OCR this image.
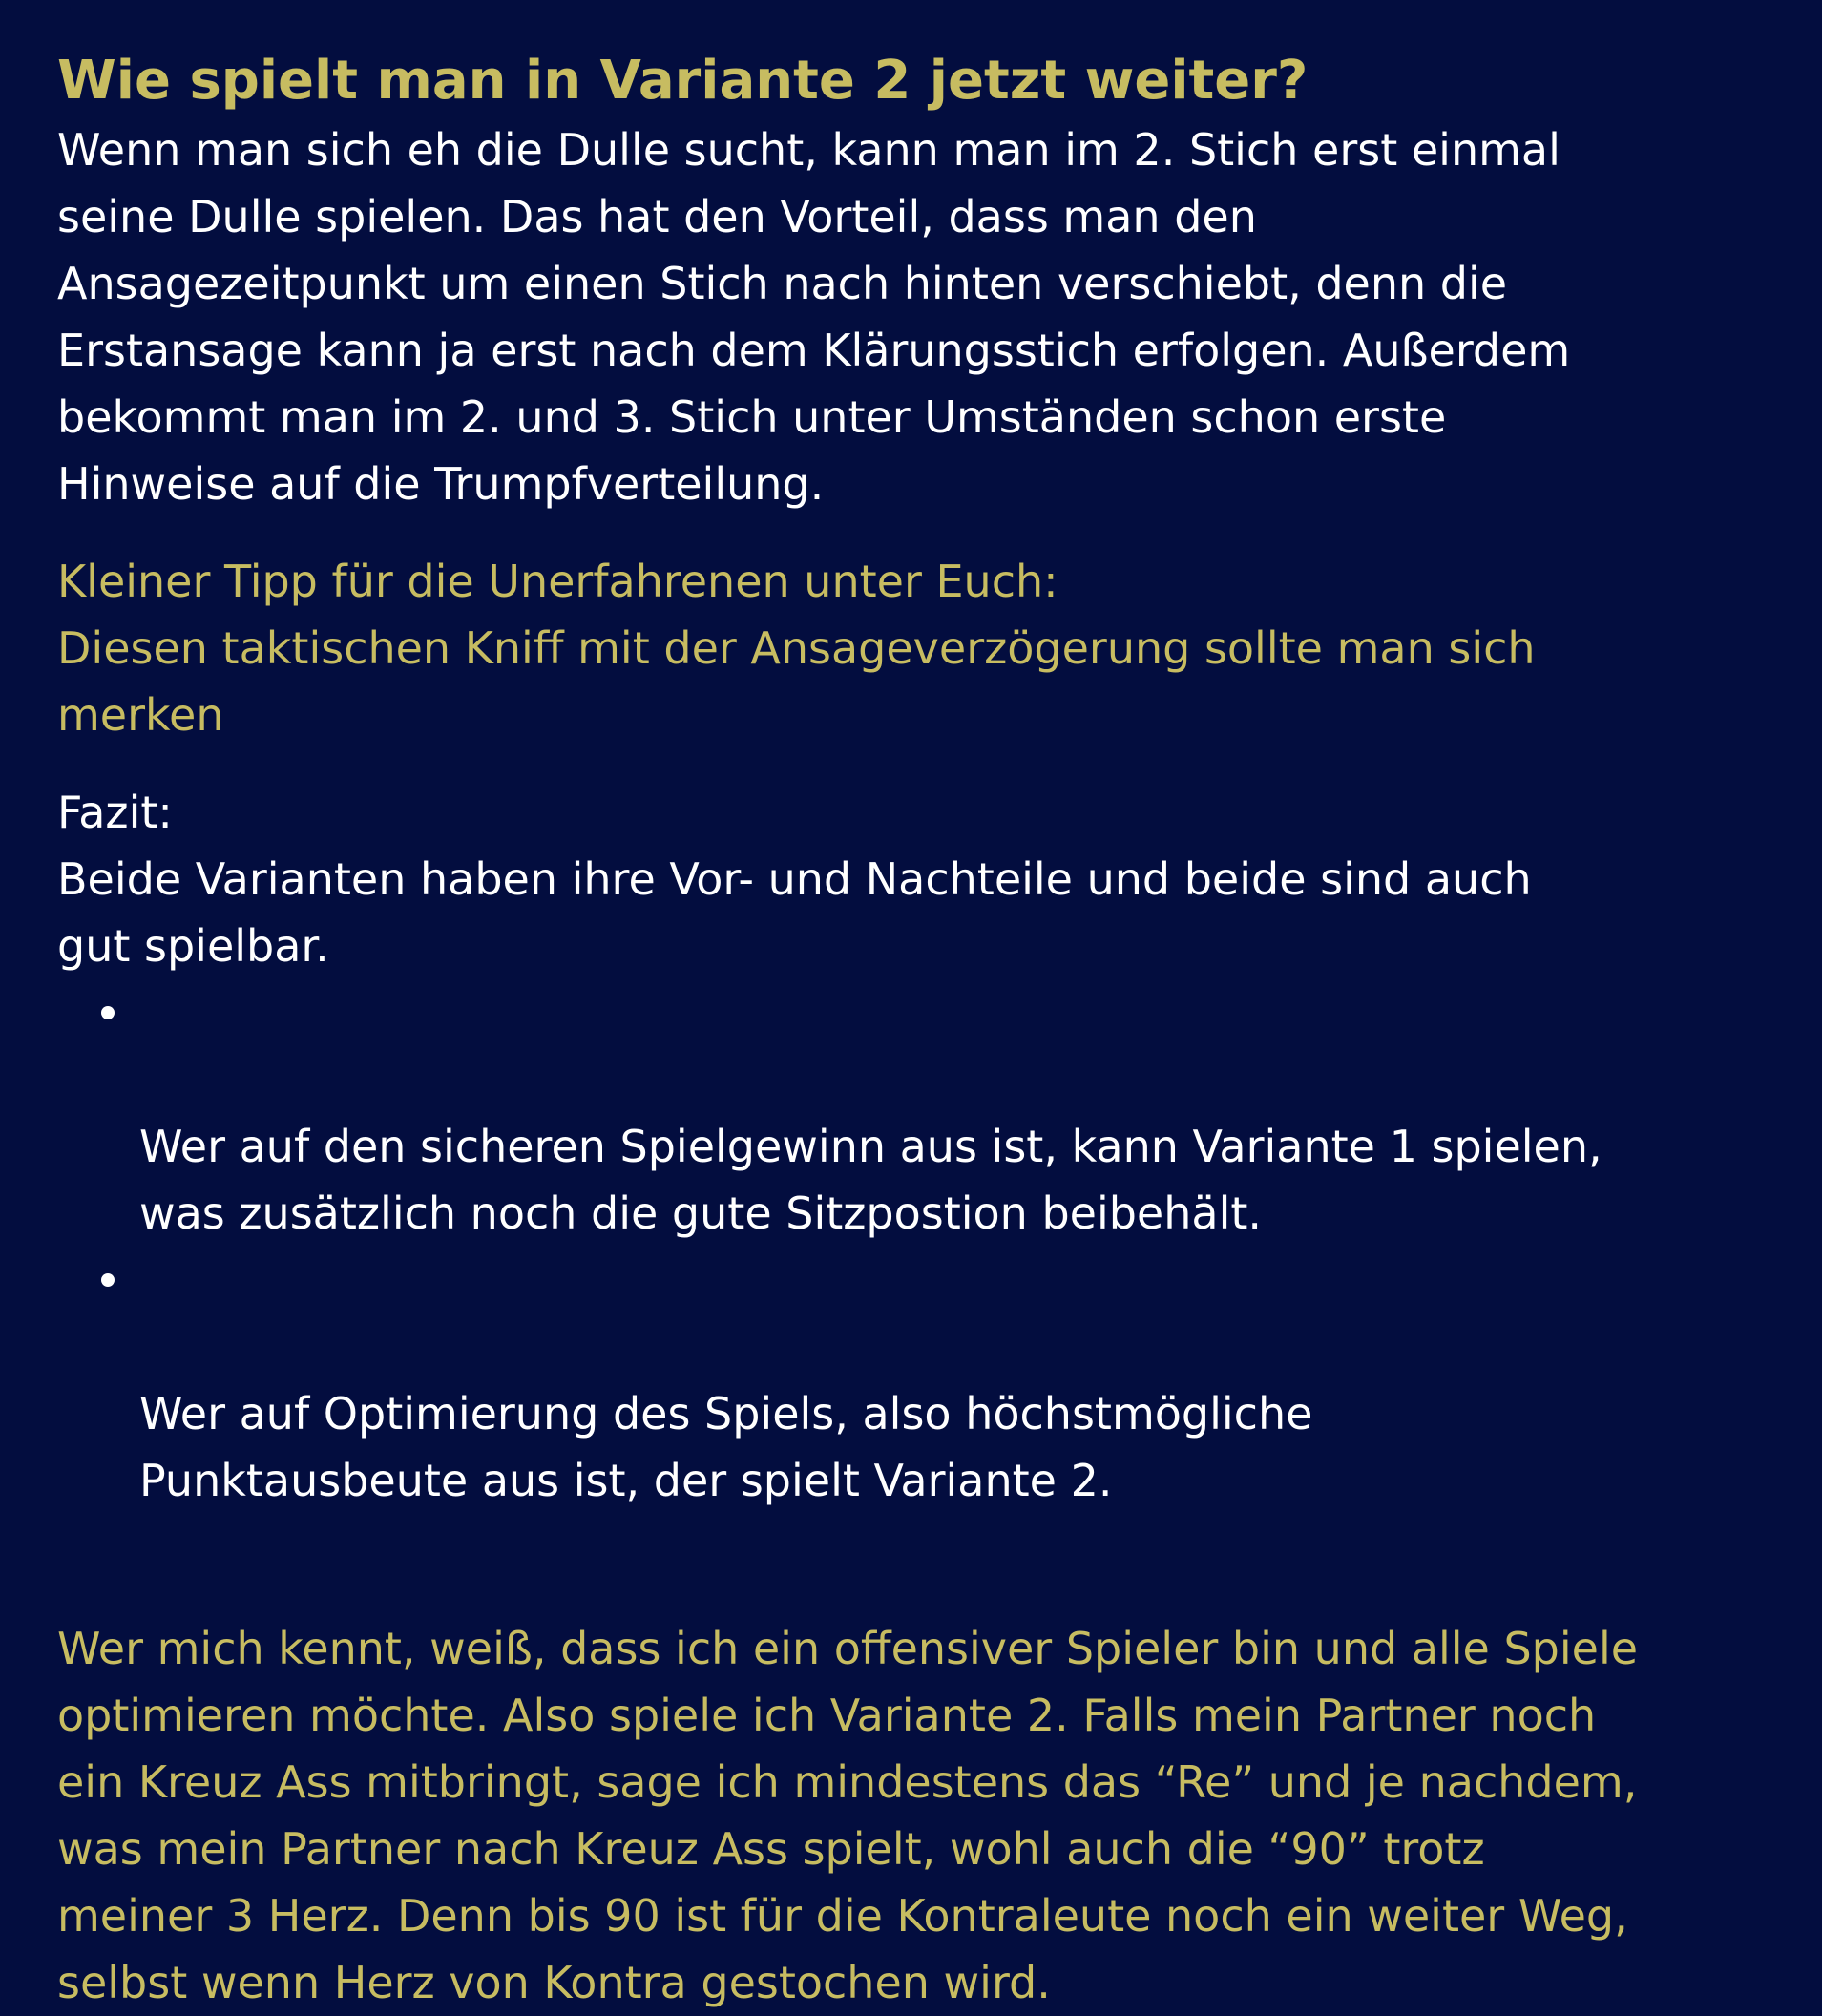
Wie spielt man in Variante 2 jetzt weiter?

Wenn man sich eh die Dulle sucht, kann man im 2. Stich erst einmal
seine Dulle spielen. Das hat den Vorteil, dass man den
Ansagezeitpunkt um einen Stich nach hinten verschiebt, denn die
Erstansage kann ja erst nach dem Klärungsstich erfolgen. Außerdem
bekommt man im 2. und 3. Stich unter Umständen schon erste
Hinweise auf die Trumpfverteilung.

Kleiner Tipp für die Unerfahrenen unter Euch:
Diesen taktischen Kniff mit der Ansageverzögerung sollte man sich
merken

Fazit:

Beide Varianten haben ihre Vor- und Nachteile und beide sind auch
gut spielbar.

Wer auf den sicheren Spielgewinn aus ist, kann Variante 1 spielen,
was zusätzlich noch die gute Sitzpostion beibehält.

Wer auf Optimierung des Spiels, also höchstmögliche
Punktausbeute aus ist, der spielt Variante 2.

Wer mich kennt, weiß, dass ich ein offensiver Spieler bin und alle Spiele
optimieren möchte. Also spiele ich Variante 2. Falls mein Partner noch
ein Kreuz Ass mitbringt, sage ich mindestens das “Re” und je nachdem,
was mein Partner nach Kreuz Ass spielt, wohl auch die “90” trotz
meiner 3 Herz. Denn bis 90 ist für die Kontraleute noch ein weiter Weg,
selbst wenn Herz von Kontra gestochen wird.
